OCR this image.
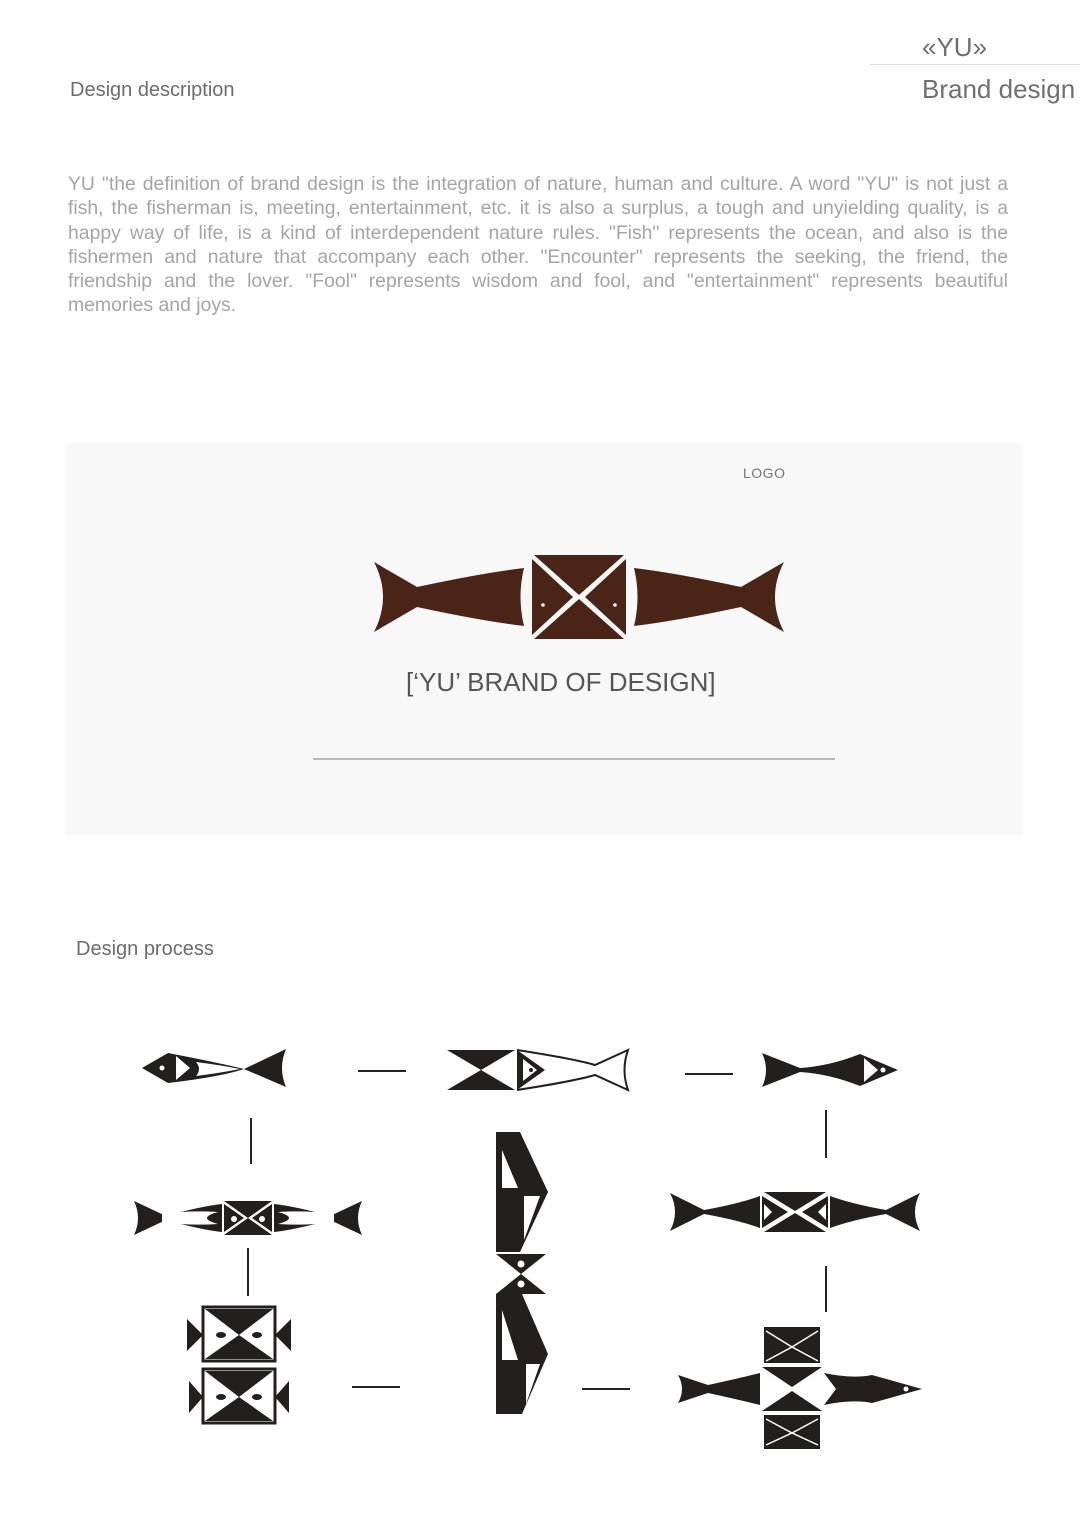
«YU»
Brand design
Design description
YU "the definition of brand design is the integration of nature, human and culture. A word "YU" is not just a fish, the fisherman is, meeting, entertainment, etc. it is also a surplus, a tough and unyielding quality, is a happy way of life, is a kind of interdependent nature rules. "Fish" represents the ocean, and also is the fishermen and nature that accompany each other. "Encounter" represents the seeking, the friend, the friendship and the lover. "Fool" represents wisdom and fool, and "entertainment" represents beautiful memories and joys.
LOGO
[‘YU’ BRAND OF DESIGN]
Design process
